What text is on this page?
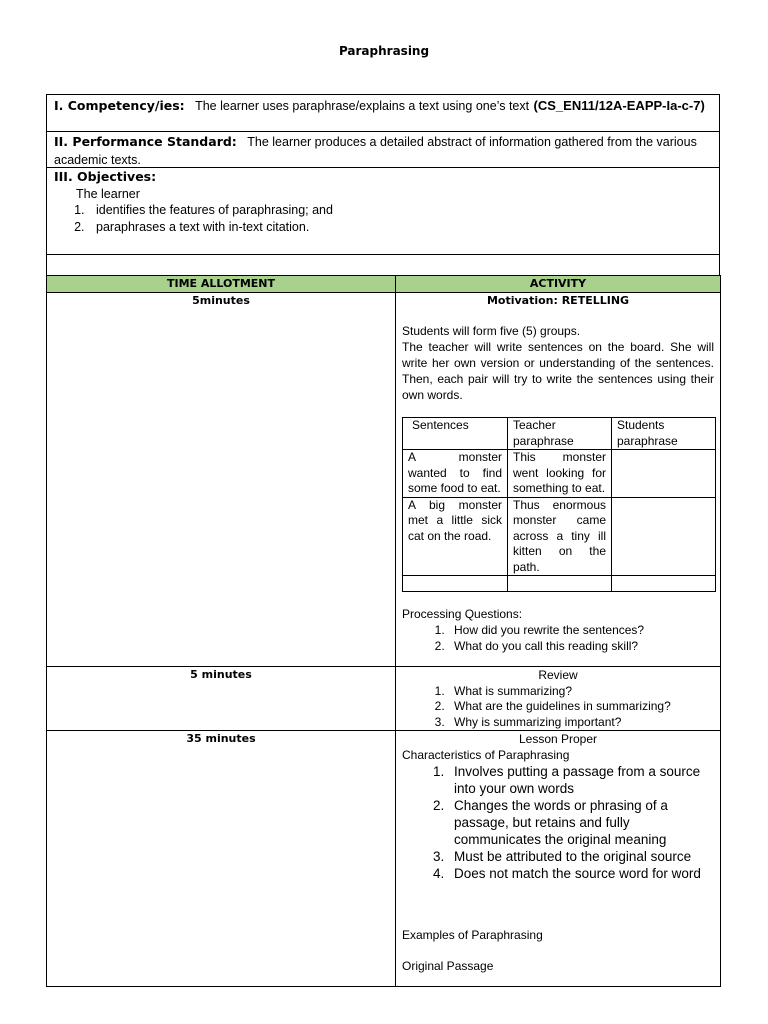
Paraphrasing
I. Competency/ies: The learner uses paraphrase/explains a text using one’s text (CS_EN11/12A-EAPP-Ia-c-7)
II. Performance Standard: The learner produces a detailed abstract of information gathered from the various academic texts.
III. Objectives:
The learner
1. identifies the features of paraphrasing; and
2. paraphrases a text with in-text citation.
TIME ALLOTMENT	ACTIVITY
5minutes	Motivation: RETELLING
Students will form five (5) groups.
The teacher will write sentences on the board. She will write her own version or understanding of the sentences. Then, each pair will try to write the sentences using their own words.
Sentences	Teacher paraphrase	Students paraphrase
A monster wanted to find some food to eat.	This monster went looking for something to eat.	
A big monster met a little sick cat on the road.	Thus enormous monster came across a tiny ill kitten on the path.	

Processing Questions:
1. How did you rewrite the sentences?
2. What do you call this reading skill?

5 minutes	Review
1. What is summarizing?
2. What are the guidelines in summarizing?
3. Why is summarizing important?

35 minutes	Lesson Proper
Characteristics of Paraphrasing
1. Involves putting a passage from a source into your own words
2. Changes the words or phrasing of a passage, but retains and fully communicates the original meaning
3. Must be attributed to the original source
4. Does not match the source word for word
Examples of Paraphrasing
Original Passage
